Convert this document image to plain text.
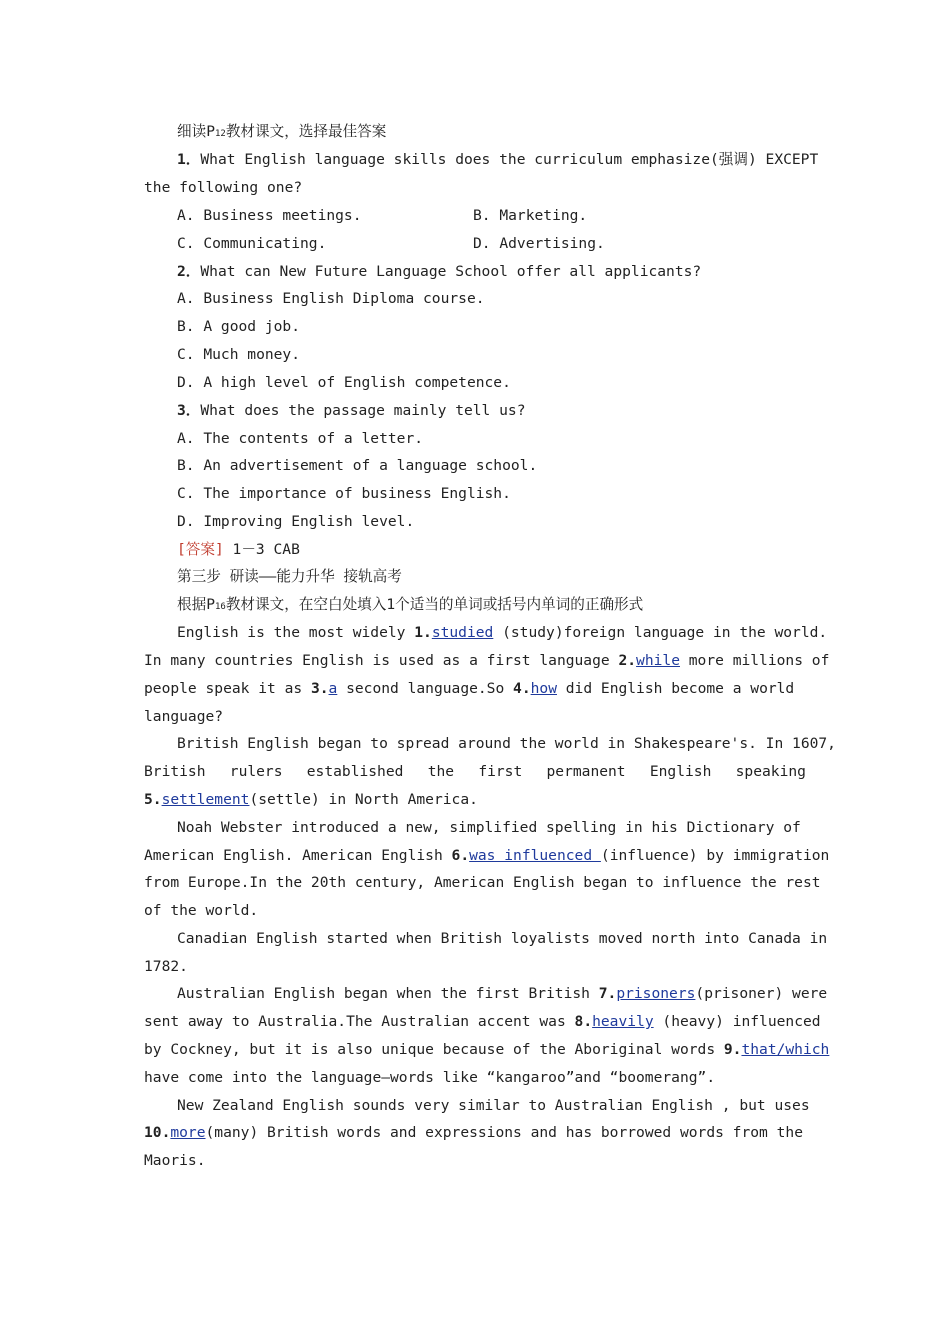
细读P12教材课文，选择最佳答案
1．What English language skills does the curriculum emphasize(强调) EXCEPT
the following one?
A. Business meetings.	B. Marketing.
C. Communicating.	D. Advertising.
2．What can New Future Language School offer all applicants?
A. Business English Diploma course.
B. A good job.
C. Much money.
D. A high level of English competence.
3．What does the passage mainly tell us?
A. The contents of a letter.
B. An advertisement of a language school.
C. The importance of business English.
D. Improving English level.
[答案] 1－3 CAB
第三步 研读——能力升华 接轨高考
根据P16教材课文，在空白处填入1个适当的单词或括号内单词的正确形式
English is the most widely 1.studied (study)foreign language in the world.
In many countries English is used as a first language 2.while more millions of
people speak it as 3.a second language.So 4.how did English become a world
language?
British English began to spread around the world in Shakespeare's. In 1607,
British rulers established the first permanent English speaking
5.settlement(settle) in North America.
Noah Webster introduced a new, simplified spelling in his Dictionary of
American English. American English 6.was influenced (influence) by immigration
from Europe.In the 20th century, American English began to influence the rest
of the world.
Canadian English started when British loyalists moved north into Canada in
1782.
Australian English began when the first British 7.prisoners(prisoner) were
sent away to Australia.The Australian accent was 8.heavily (heavy) influenced
by Cockney, but it is also unique because of the Aboriginal words 9.that/which
have come into the language—words like “kangaroo”and “boomerang”.
New Zealand English sounds very similar to Australian English , but uses
10.more(many) British words and expressions and has borrowed words from the
Maoris.
